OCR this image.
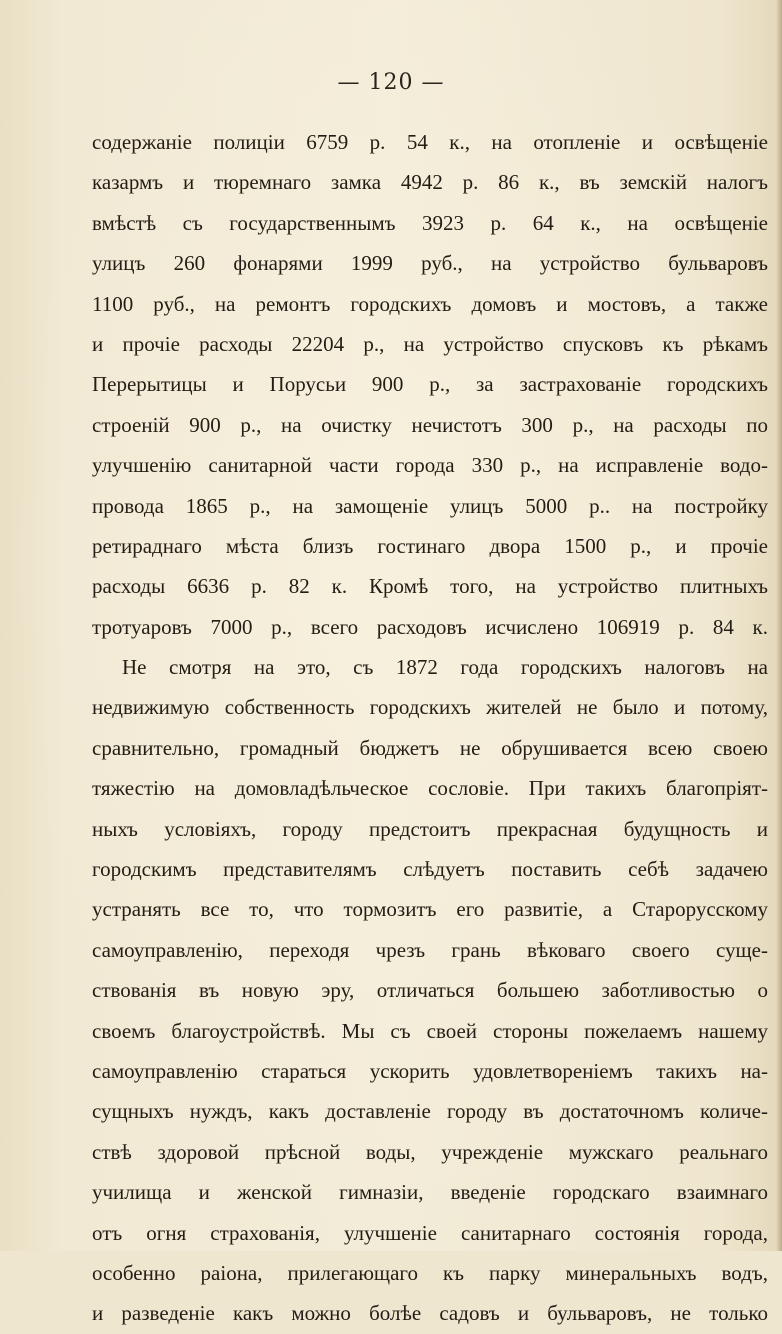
— 120 —
содержаніе полиціи 6759 р. 54 к., на отопленіе и освѣщеніе
казармъ и тюремнаго замка 4942 р. 86 к., въ земскій налогъ
вмѣстѣ съ государственнымъ 3923 р. 64 к., на освѣщеніе
улицъ 260 фонарями 1999 руб., на устройство бульваровъ
1100 руб., на ремонтъ городскихъ домовъ и мостовъ, а также
и прочіе расходы 22204 р., на устройство спусковъ къ рѣкамъ
Перерытицы и Порусьи 900 р., за застрахованіе городскихъ
строеній 900 р., на очистку нечистотъ 300 р., на расходы по
улучшенію санитарной части города 330 р., на исправленіе водо-
провода 1865 р., на замощеніе улицъ 5000 р.. на постройку
ретираднаго мѣста близъ гостинаго двора 1500 р., и прочіе
расходы 6636 р. 82 к. Кромѣ того, на устройство плитныхъ
тротуаровъ 7000 р., всего расходовъ исчислено 106919 р. 84 к.
Не смотря на это, съ 1872 года городскихъ налоговъ на
недвижимую собственность городскихъ жителей не было и потому,
сравнительно, громадный бюджетъ не обрушивается всею своею
тяжестію на домовладѣльческое сословіе. При такихъ благопріят-
ныхъ условіяхъ, городу предстоитъ прекрасная будущность и
городскимъ представителямъ слѣдуетъ поставить себѣ задачею
устранять все то, что тормозитъ его развитіе, а Старорусскому
самоуправленію, переходя чрезъ грань вѣковаго своего суще-
ствованія въ новую эру, отличаться большею заботливостью о
своемъ благоустройствѣ. Мы съ своей стороны пожелаемъ нашему
самоуправленію стараться ускорить удовлетвореніемъ такихъ на-
сущныхъ нуждъ, какъ доставленіе городу въ достаточномъ количе-
ствѣ здоровой прѣсной воды, учрежденіе мужскаго реальнаго
училища и женской гимназіи, введеніе городскаго взаимнаго
отъ огня страхованія, улучшеніе санитарнаго состоянія города,
особенно раіона, прилегающаго къ парку минеральныхъ водъ,
и разведеніе какъ можно болѣе садовъ и бульваровъ, не только
